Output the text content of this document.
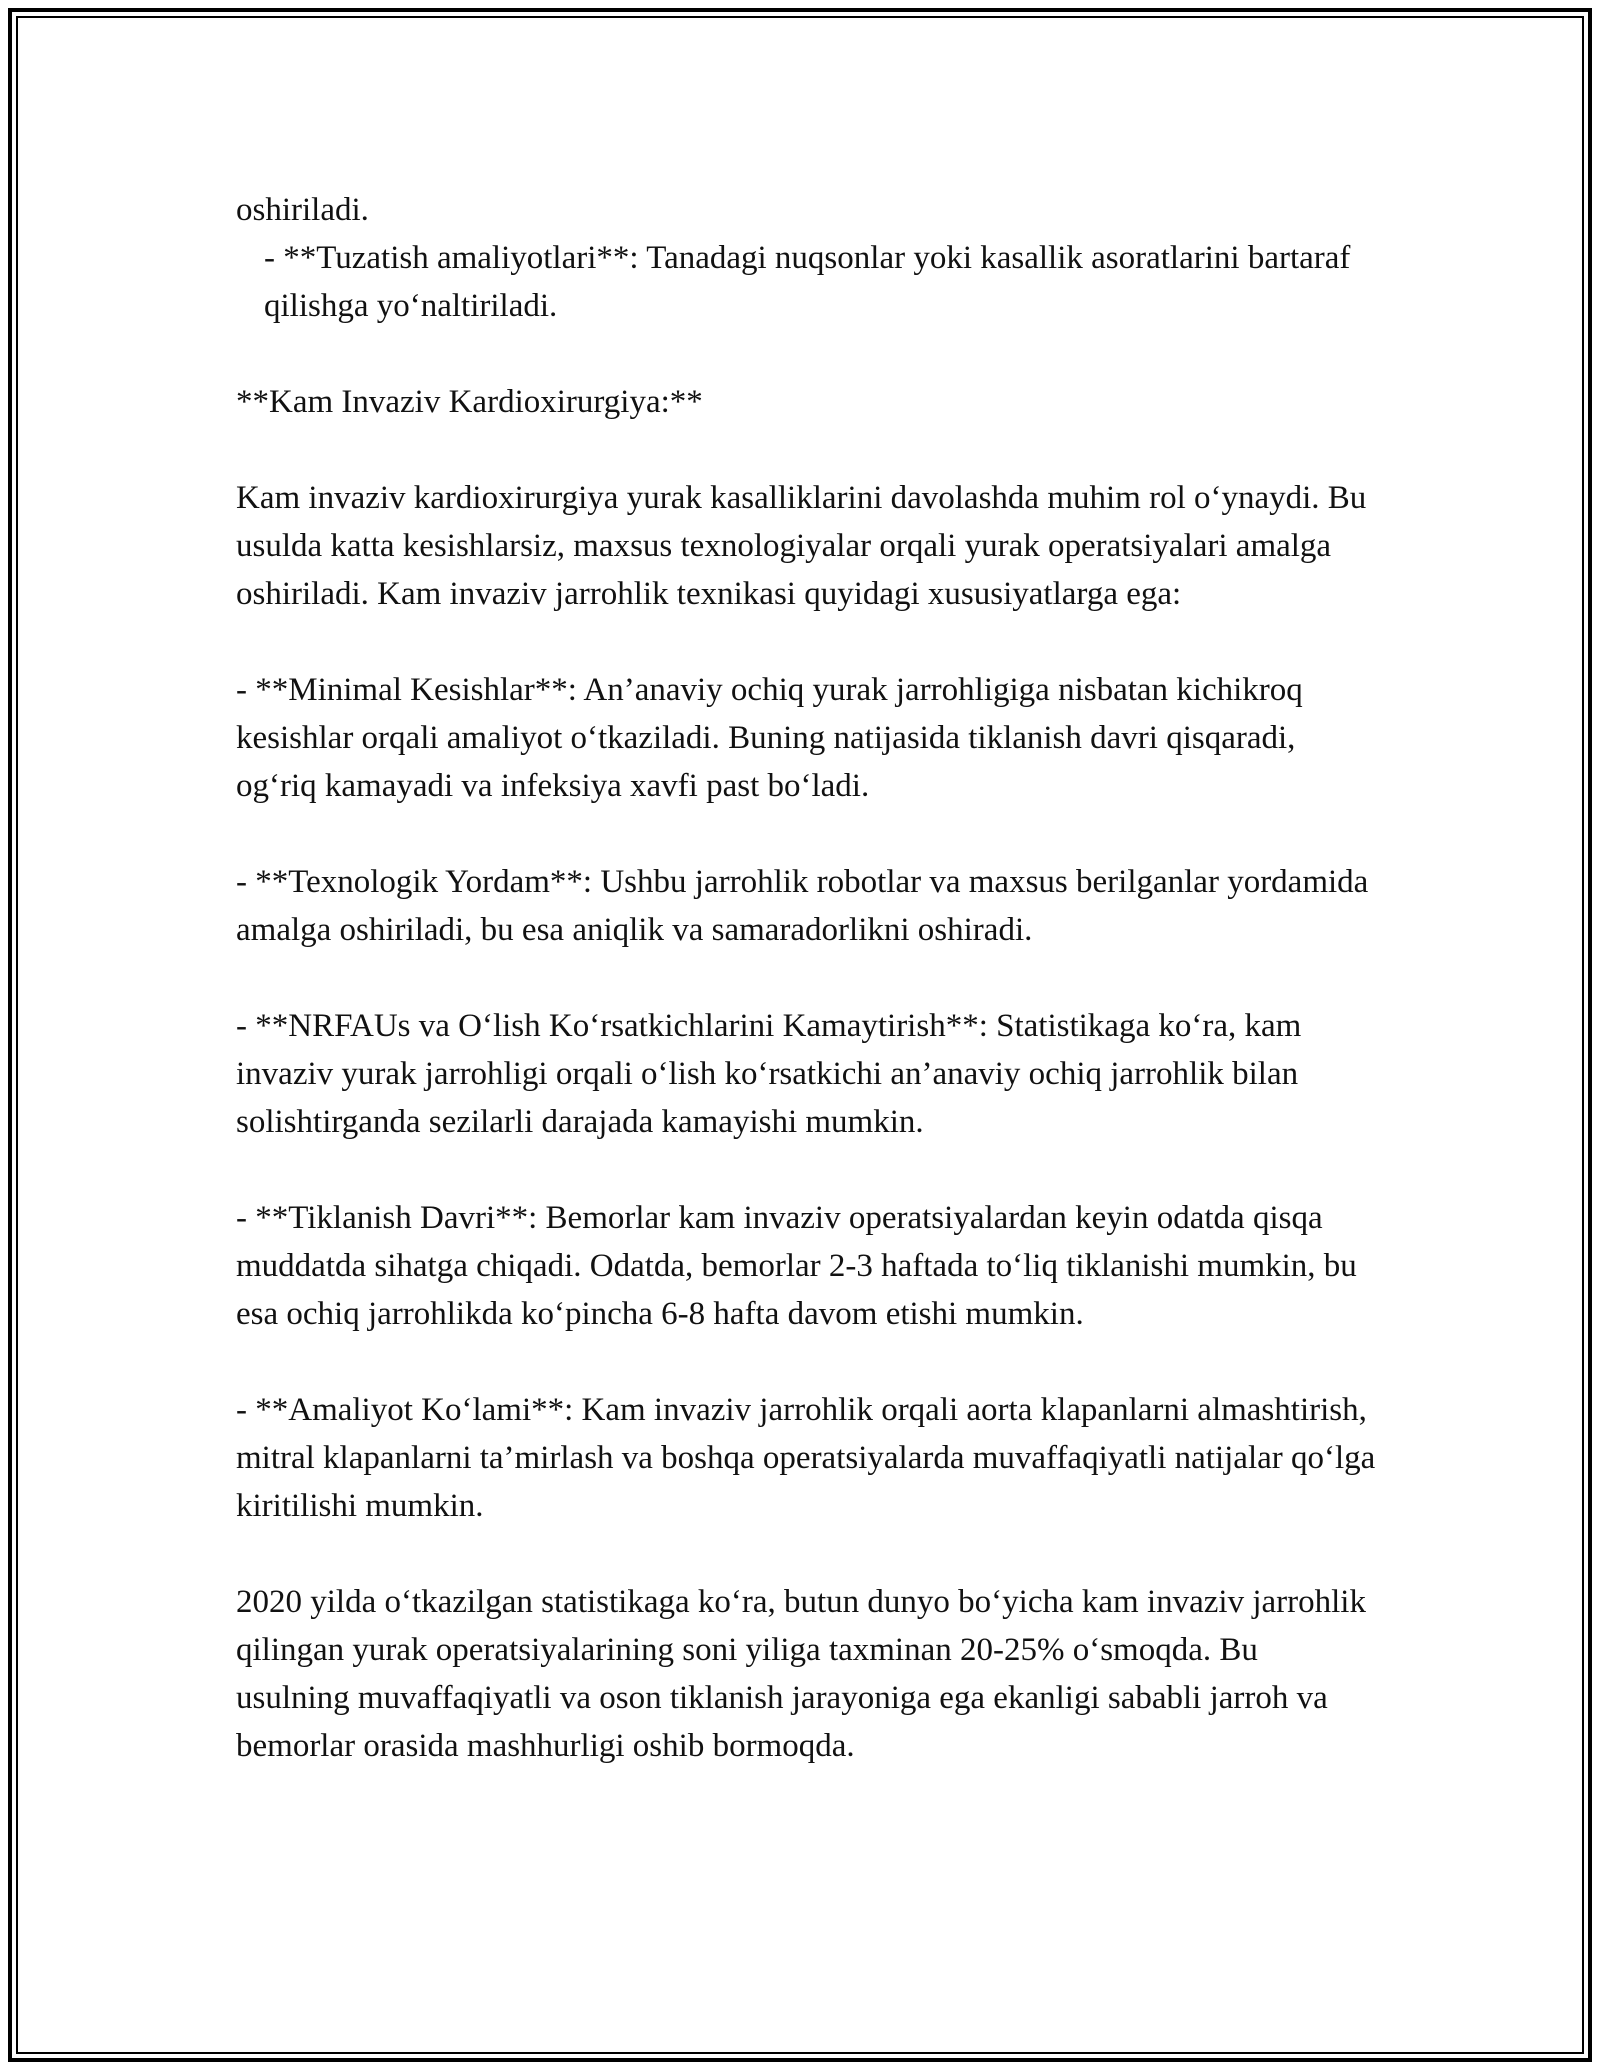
oshiriladi.

- **Tuzatish amaliyotlari**: Tanadagi nuqsonlar yoki kasallik asoratlarini bartaraf qilishga yo‘naltiriladi.

**Kam Invaziv Kardioxirurgiya:**

Kam invaziv kardioxirurgiya yurak kasalliklarini davolashda muhim rol o‘ynaydi. Bu usulda katta kesishlarsiz, maxsus texnologiyalar orqali yurak operatsiyalari amalga oshiriladi. Kam invaziv jarrohlik texnikasi quyidagi xususiyatlarga ega:

- **Minimal Kesishlar**: An’anaviy ochiq yurak jarrohligiga nisbatan kichikroq kesishlar orqali amaliyot o‘tkaziladi. Buning natijasida tiklanish davri qisqaradi, og‘riq kamayadi va infeksiya xavfi past bo‘ladi.

- **Texnologik Yordam**: Ushbu jarrohlik robotlar va maxsus berilganlar yordamida amalga oshiriladi, bu esa aniqlik va samaradorlikni oshiradi.

- **NRFAUs va O‘lish Ko‘rsatkichlarini Kamaytirish**: Statistikaga ko‘ra, kam invaziv yurak jarrohligi orqali o‘lish ko‘rsatkichi an’anaviy ochiq jarrohlik bilan solishtirganda sezilarli darajada kamayishi mumkin.

- **Tiklanish Davri**: Bemorlar kam invaziv operatsiyalardan keyin odatda qisqa muddatda sihatga chiqadi. Odatda, bemorlar 2-3 haftada to‘liq tiklanishi mumkin, bu esa ochiq jarrohlikda ko‘pincha 6-8 hafta davom etishi mumkin.

- **Amaliyot Ko‘lami**: Kam invaziv jarrohlik orqali aorta klapanlarni almashtirish, mitral klapanlarni ta’mirlash va boshqa operatsiyalarda muvaffaqiyatli natijalar qo‘lga kiritilishi mumkin.

2020 yilda o‘tkazilgan statistikaga ko‘ra, butun dunyo bo‘yicha kam invaziv jarrohlik qilingan yurak operatsiyalarining soni yiliga taxminan 20-25% o‘smoqda. Bu usulning muvaffaqiyatli va oson tiklanish jarayoniga ega ekanligi sababli jarroh va bemorlar orasida mashhurligi oshib bormoqda.
